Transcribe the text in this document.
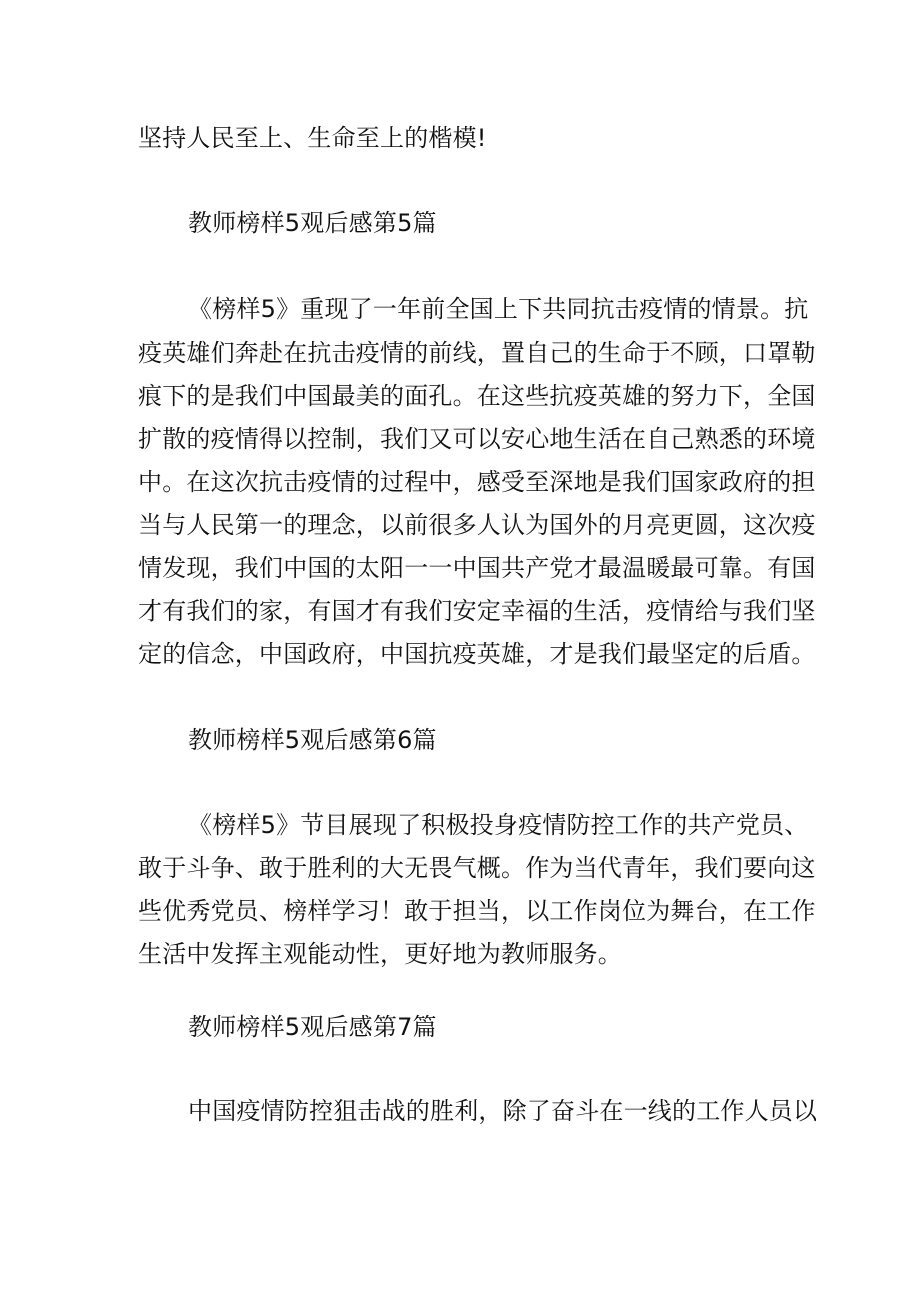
坚持人民至上、生命至上的楷模!
教师榜样5观后感第5篇
《榜样5》重现了一年前全国上下共同抗击疫情的情景。抗
疫英雄们奔赴在抗击疫情的前线，置自己的生命于不顾，口罩勒
痕下的是我们中国最美的面孔。在这些抗疫英雄的努力下，全国
扩散的疫情得以控制，我们又可以安心地生活在自己熟悉的环境
中。在这次抗击疫情的过程中，感受至深地是我们国家政府的担
当与人民第一的理念，以前很多人认为国外的月亮更圆，这次疫
情发现，我们中国的太阳一一中国共产党才最温暖最可靠。有国
才有我们的家，有国才有我们安定幸福的生活，疫情给与我们坚
定的信念，中国政府，中国抗疫英雄，才是我们最坚定的后盾。
教师榜样5观后感第6篇
《榜样5》节目展现了积极投身疫情防控工作的共产党员、
敢于斗争、敢于胜利的大无畏气概。作为当代青年，我们要向这
些优秀党员、榜样学习！敢于担当，以工作岗位为舞台，在工作
生活中发挥主观能动性，更好地为教师服务。
教师榜样5观后感第7篇
中国疫情防控狙击战的胜利，除了奋斗在一线的工作人员以
